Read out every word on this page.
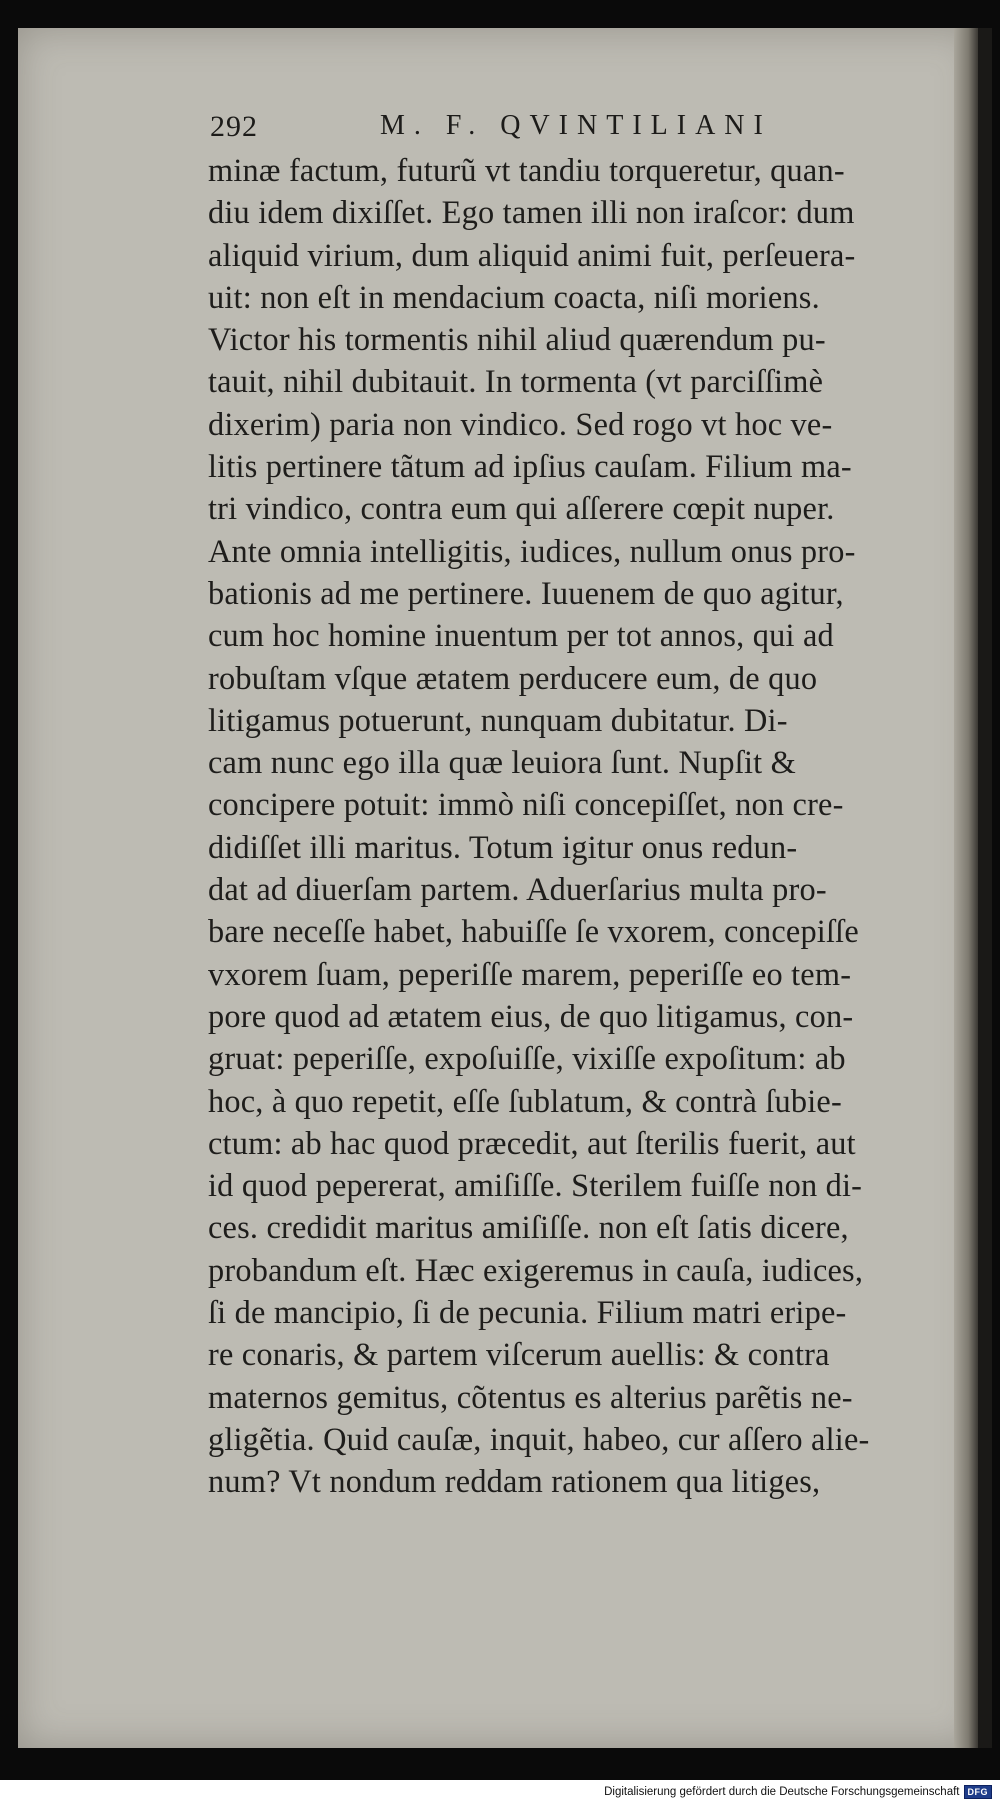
292	M. F. QVINTILIANI
minæ factum, futurũ vt tandiu torqueretur, quan-
diu idem dixiſſet. Ego tamen illi non iraſcor: dum
aliquid virium, dum aliquid animi fuit, perſeuera-
uit: non eſt in mendacium coacta, niſi moriens.
Victor his tormentis nihil aliud quærendum pu-
tauit, nihil dubitauit. In tormenta (vt parciſſimè
dixerim) paria non vindico. Sed rogo vt hoc ve-
litis pertinere tãtum ad ipſius cauſam. Filium ma-
tri vindico, contra eum qui aſſerere cœpit nuper.
Ante omnia intelligitis, iudices, nullum onus pro-
bationis ad me pertinere. Iuuenem de quo agitur,
cum hoc homine inuentum per tot annos, qui ad
robuſtam vſque ætatem perducere eum, de quo
litigamus potuerunt, nunquam dubitatur. Di-
cam nunc ego illa quæ leuiora ſunt. Nupſit &
concipere potuit: immò niſi concepiſſet, non cre-
didiſſet illi maritus. Totum igitur onus redun-
dat ad diuerſam partem. Aduerſarius multa pro-
bare neceſſe habet, habuiſſe ſe vxorem, concepiſſe
vxorem ſuam, peperiſſe marem, peperiſſe eo tem-
pore quod ad ætatem eius, de quo litigamus, con-
gruat: peperiſſe, expoſuiſſe, vixiſſe expoſitum: ab
hoc, à quo repetit, eſſe ſublatum, & contrà ſubie-
ctum: ab hac quod præcedit, aut ſterilis fuerit, aut
id quod pepererat, amiſiſſe. Sterilem fuiſſe non di-
ces. credidit maritus amiſiſſe. non eſt ſatis dicere,
probandum eſt. Hæc exigeremus in cauſa, iudices,
ſi de mancipio, ſi de pecunia. Filium matri eripe-
re conaris, & partem viſcerum auellis: & contra
maternos gemitus, cõtentus es alterius parẽtis ne-
gligẽtia. Quid cauſæ, inquit, habeo, cur aſſero alie-
num? Vt nondum reddam rationem qua litiges,
Digitalisierung gefördert durch die Deutsche Forschungsgemeinschaft DFG
